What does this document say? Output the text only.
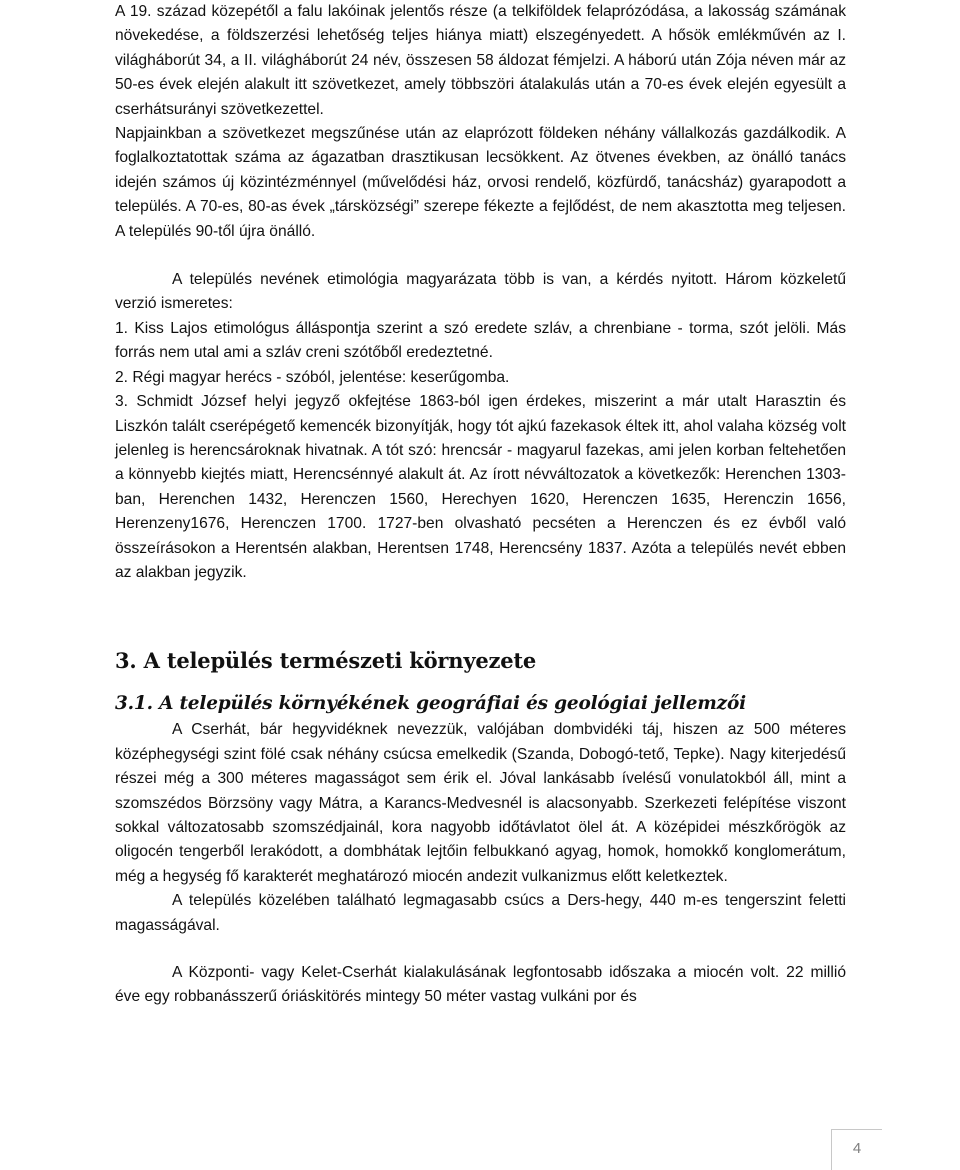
A 19. század közepétől a falu lakóinak jelentős része (a telkiföldek felaprózódása, a lakosság számának növekedése, a földszerzési lehetőség teljes hiánya miatt) elszegényedett. A hősök emlékművén az I. világháborút 34, a II. világháborút 24 név, összesen 58 áldozat fémjelzi. A háború után Zója néven már az 50-es évek elején alakult itt szövetkezet, amely többszöri átalakulás után a 70-es évek elején egyesült a cserhátsurányi szövetkezettel.

Napjainkban a szövetkezet megszűnése után az elaprózott földeken néhány vállalkozás gazdálkodik. A foglalkoztatottak száma az ágazatban drasztikusan lecsökkent. Az ötvenes években, az önálló tanács idején számos új közintézménnyel (művelődési ház, orvosi rendelő, közfürdő, tanácsház) gyarapodott a település. A 70-es, 80-as évek „társközségi” szerepe fékezte a fejlődést, de nem akasztotta meg teljesen. A település 90-től újra önálló.

A település nevének etimológia magyarázata több is van, a kérdés nyitott. Három közkeletű verzió ismeretes:

1. Kiss Lajos etimológus álláspontja szerint a szó eredete szláv, a chrenbiane - torma, szót jelöli. Más forrás nem utal ami a szláv creni szótőből eredeztetné.

2. Régi magyar herécs - szóból, jelentése: keserűgomba.

3. Schmidt József helyi jegyző okfejtése 1863-ból igen érdekes, miszerint a már utalt Harasztin és Liszkón talált cserépégető kemencék bizonyítják, hogy tót ajkú fazekasok éltek itt, ahol valaha község volt jelenleg is herencsároknak hivatnak. A tót szó: hrencsár - magyarul fazekas, ami jelen korban feltehetően a könnyebb kiejtés miatt, Herencsénnyé alakult át. Az írott névváltozatok a következők: Herenchen 1303-ban, Herenchen 1432, Herenczen 1560, Herechyen 1620, Herenczen 1635, Herenczin 1656, Herenzeny1676, Herenczen 1700. 1727-ben olvasható pecséten a Herenczen és ez évből való összeírásokon a Herentsén alakban, Herentsen 1748, Herencsény 1837. Azóta a település nevét ebben az alakban jegyzik.

3. A település természeti környezete
3.1. A település környékének geográfiai és geológiai jellemzői

A Cserhát, bár hegyvidéknek nevezzük, valójában dombvidéki táj, hiszen az 500 méteres középhegységi szint fölé csak néhány csúcsa emelkedik (Szanda, Dobogó-tető, Tepke). Nagy kiterjedésű részei még a 300 méteres magasságot sem érik el. Jóval lankásabb ívelésű vonulatokból áll, mint a szomszédos Börzsöny vagy Mátra, a Karancs-Medvesnél is alacsonyabb. Szerkezeti felépítése viszont sokkal változatosabb szomszédjainál, kora nagyobb időtávlatot ölel át. A középidei mészkőrögök az oligocén tengerből lerakódott, a dombhátak lejtőin felbukkanó agyag, homok, homokkő konglomerátum, még a hegység fő karakterét meghatározó miocén andezit vulkanizmus előtt keletkeztek.

A település közelében található legmagasabb csúcs a Ders-hegy, 440 m-es tengerszint feletti magasságával.

A Központi- vagy Kelet-Cserhát kialakulásának legfontosabb időszaka a miocén volt. 22 millió éve egy robbanásszerű óriáskitörés mintegy 50 méter vastag vulkáni por és

4
